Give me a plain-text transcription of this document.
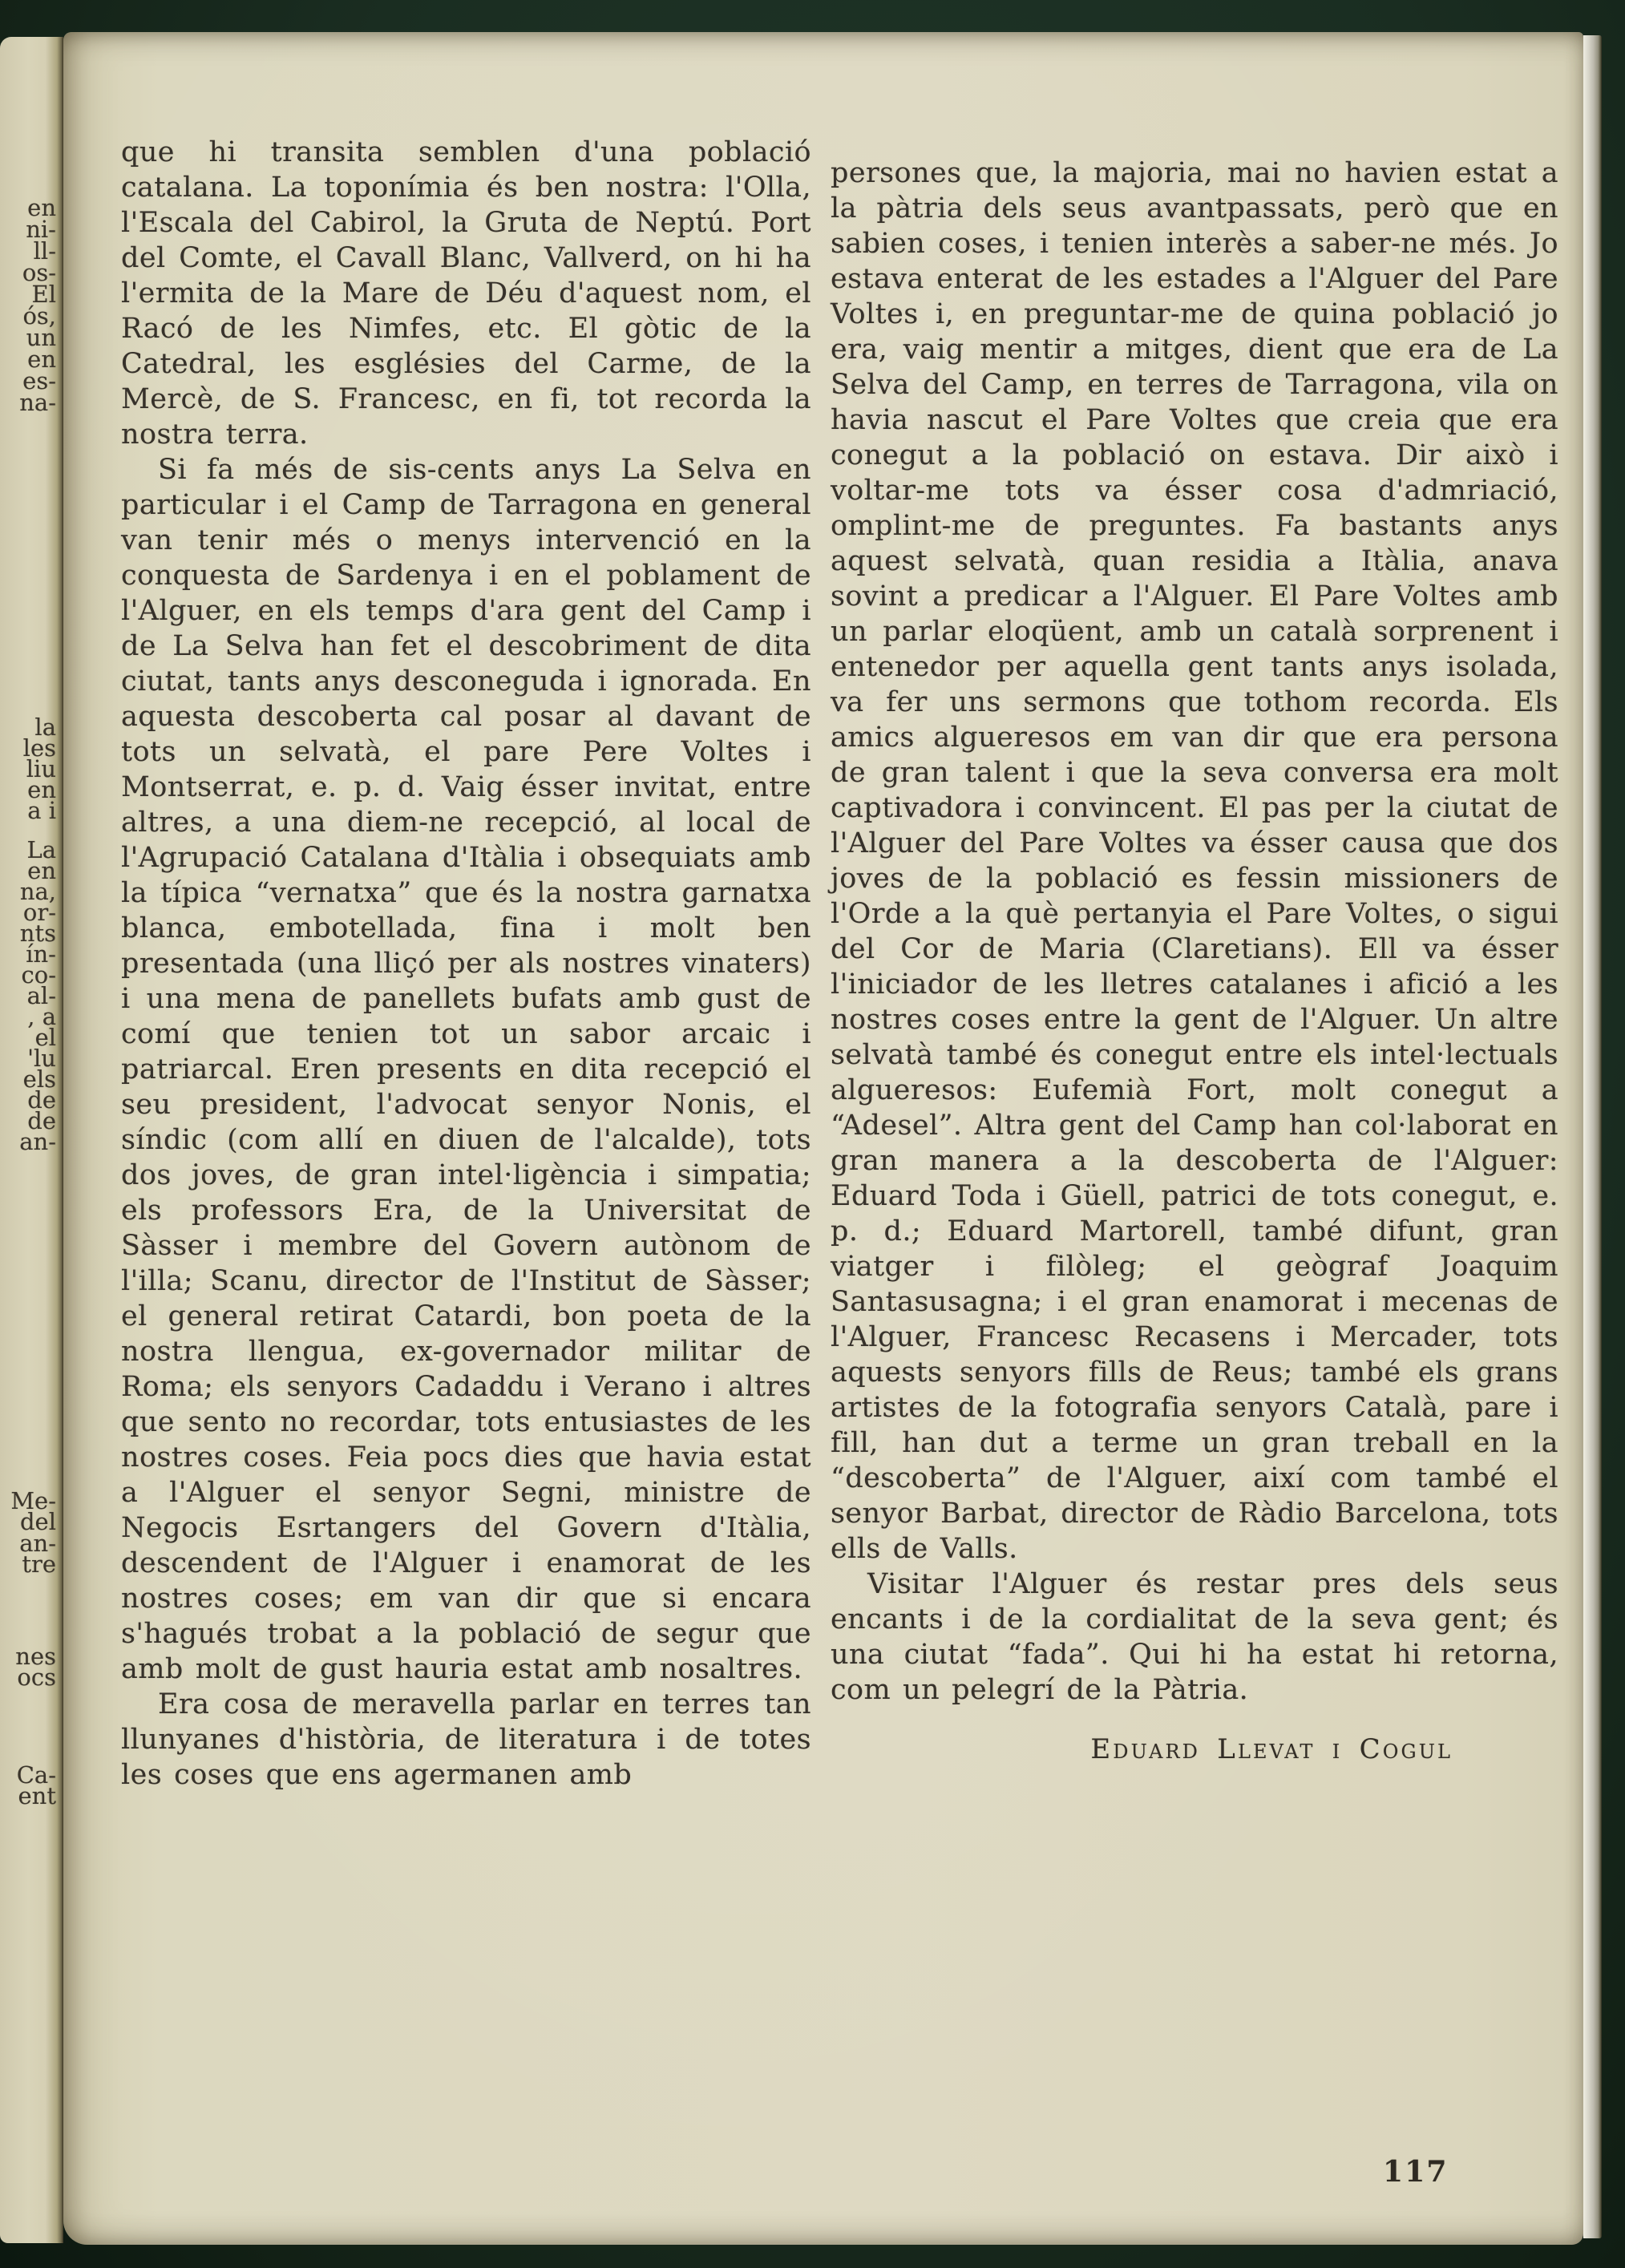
en
ni-
ll-
os-
El
ós,
un
en
es-
na-
la
les
liu
en
a i
La
en
na,
or-
nts
ín-
co-
al-
, a
el
'lu
els
de
de
an-
Me-
del
an-
tre
nes
ocs
Ca-
ent

que hi transita semblen d'una població catalana. La toponímia és ben nostra: l'Olla, l'Escala del Cabirol, la Gruta de Neptú. Port del Comte, el Cavall Blanc, Vallverd, on hi ha l'ermita de la Mare de Déu d'aquest nom, el Racó de les Nimfes, etc. El gòtic de la Catedral, les esglésies del Carme, de la Mercè, de S. Francesc, en fi, tot recorda la nostra terra.

Si fa més de sis-cents anys La Selva en particular i el Camp de Tarragona en general van tenir més o menys intervenció en la conquesta de Sardenya i en el poblament de l'Alguer, en els temps d'ara gent del Camp i de La Selva han fet el descobriment de dita ciutat, tants anys desconeguda i ignorada. En aquesta descoberta cal posar al davant de tots un selvatà, el pare Pere Voltes i Montserrat, e. p. d. Vaig ésser invitat, entre altres, a una diem-ne recepció, al local de l'Agrupació Catalana d'Itàlia i obsequiats amb la típica “vernatxa” que és la nostra garnatxa blanca, embotellada, fina i molt ben presentada (una lliçó per als nostres vinaters) i una mena de panellets bufats amb gust de comí que tenien tot un sabor arcaic i patriarcal. Eren presents en dita recepció el seu president, l'advocat senyor Nonis, el síndic (com allí en diuen de l'alcalde), tots dos joves, de gran intel·ligència i simpatia; els professors Era, de la Universitat de Sàsser i membre del Govern autònom de l'illa; Scanu, director de l'Institut de Sàsser; el general retirat Catardi, bon poeta de la nostra llengua, ex-governador militar de Roma; els senyors Cadaddu i Verano i altres que sento no recordar, tots entusiastes de les nostres coses. Feia pocs dies que havia estat a l'Alguer el senyor Segni, ministre de Negocis Esrtangers del Govern d'Itàlia, descendent de l'Alguer i enamorat de les nostres coses; em van dir que si encara s'hagués trobat a la població de segur que amb molt de gust hauria estat amb nosaltres.

Era cosa de meravella parlar en terres tan llunyanes d'història, de literatura i de totes les coses que ens agermanen amb

persones que, la majoria, mai no havien estat a la pàtria dels seus avantpassats, però que en sabien coses, i tenien interès a saber-ne més. Jo estava enterat de les estades a l'Alguer del Pare Voltes i, en preguntar-me de quina població jo era, vaig mentir a mitges, dient que era de La Selva del Camp, en terres de Tarragona, vila on havia nascut el Pare Voltes que creia que era conegut a la població on estava. Dir això i voltar-me tots va ésser cosa d'admriació, omplint-me de preguntes. Fa bastants anys aquest selvatà, quan residia a Itàlia, anava sovint a predicar a l'Alguer. El Pare Voltes amb un parlar eloqüent, amb un català sorprenent i entenedor per aquella gent tants anys isolada, va fer uns sermons que tothom recorda. Els amics algueresos em van dir que era persona de gran talent i que la seva conversa era molt captivadora i convincent. El pas per la ciutat de l'Alguer del Pare Voltes va ésser causa que dos joves de la població es fessin missioners de l'Orde a la què pertanyia el Pare Voltes, o sigui del Cor de Maria (Claretians). Ell va ésser l'iniciador de les lletres catalanes i afició a les nostres coses entre la gent de l'Alguer. Un altre selvatà també és conegut entre els intel·lectuals algueresos: Eufemià Fort, molt conegut a “Adesel”. Altra gent del Camp han col·laborat en gran manera a la descoberta de l'Alguer: Eduard Toda i Güell, patrici de tots conegut, e. p. d.; Eduard Martorell, també difunt, gran viatger i filòleg; el geògraf Joaquim Santasusagna; i el gran enamorat i mecenas de l'Alguer, Francesc Recasens i Mercader, tots aquests senyors fills de Reus; també els grans artistes de la fotografia senyors Català, pare i fill, han dut a terme un gran treball en la “descoberta” de l'Alguer, així com també el senyor Barbat, director de Ràdio Barcelona, tots ells de Valls.

Visitar l'Alguer és restar pres dels seus encants i de la cordialitat de la seva gent; és una ciutat “fada”. Qui hi ha estat hi retorna, com un pelegrí de la Pàtria.

Eduard Llevat i Cogul
117
